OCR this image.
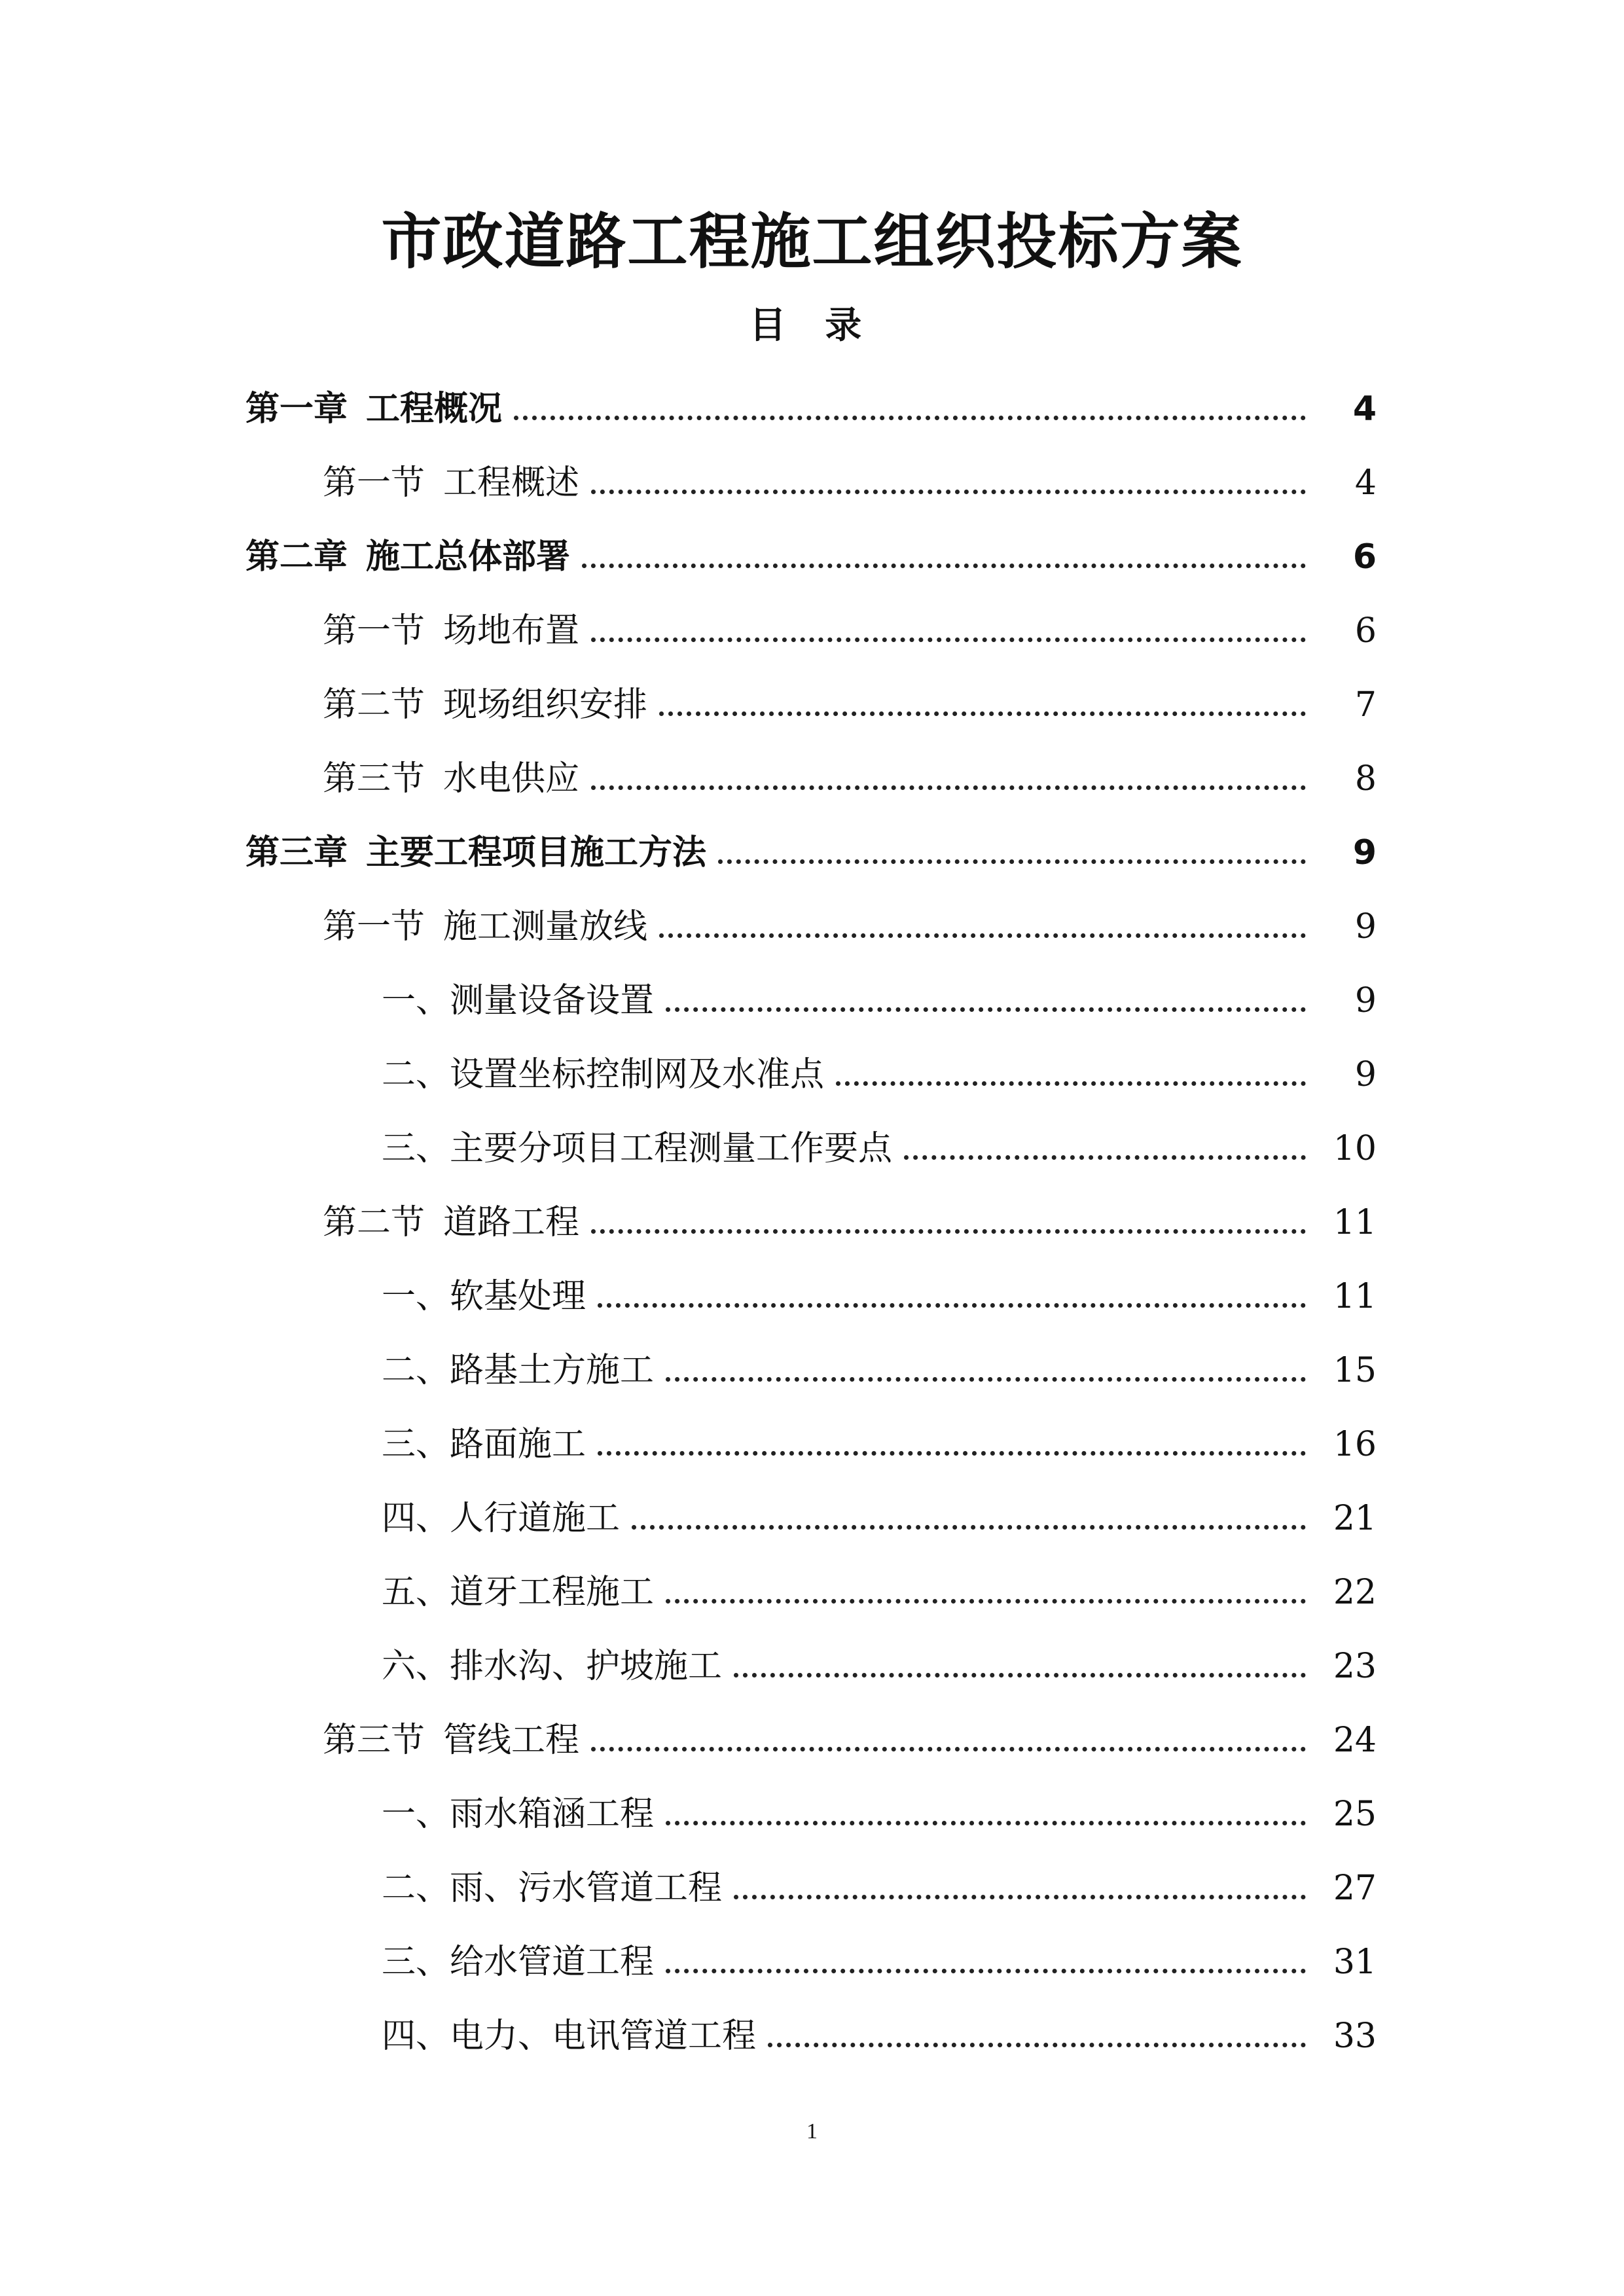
市政道路工程施工组织投标方案
目 录
第一章 工程概况	4
第一节 工程概述	4
第二章 施工总体部署	6
第一节 场地布置	6
第二节 现场组织安排	7
第三节 水电供应	8
第三章 主要工程项目施工方法	9
第一节 施工测量放线	9
一、测量设备设置	9
二、设置坐标控制网及水准点	9
三、主要分项目工程测量工作要点	10
第二节 道路工程	11
一、软基处理	11
二、路基土方施工	15
三、路面施工	16
四、人行道施工	21
五、道牙工程施工	22
六、排水沟、护坡施工	23
第三节 管线工程	24
一、雨水箱涵工程	25
二、雨、污水管道工程	27
三、给水管道工程	31
四、电力、电讯管道工程	33
1
